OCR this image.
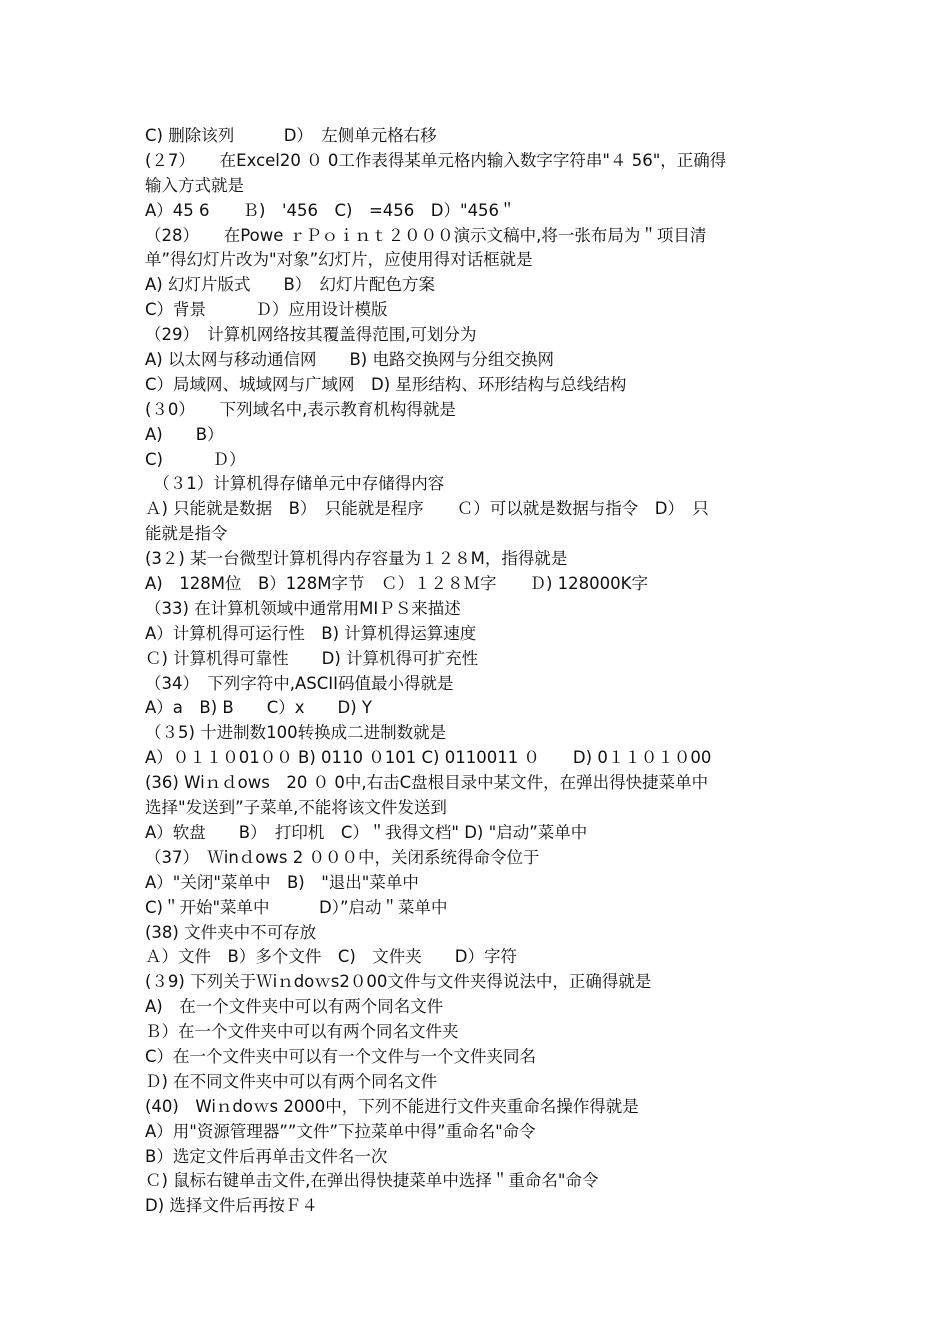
C) 删除该列　　　D）　左侧单元格右移
(２7）　　在Excel20 ０ 0工作表得某单元格内输入数字字符串"４ 56"，正确得
输入方式就是
A）45 6　　Ｂ)　'456　C)　=456　D）"456＂
（28）　　在Powe ｒＰｏｉｎｔ２０００演示文稿中,将一张布局为＂项目清
单”得幻灯片改为"对象”幻灯片，应使用得对话框就是
A) 幻灯片版式　　B）　幻灯片配色方案
C）背景　　　Ｄ）应用设计模版
（29）　计算机网络按其覆盖得范围,可划分为
A) 以太网与移动通信网　　B) 电路交换网与分组交换网
C）局域网、城域网与广域网　D) 星形结构、环形结构与总线结构
(３0）　　下列域名中,表示教育机构得就是
A)　　B）
C)　　　Ｄ）
　（３1）计算机得存储单元中存储得内容
Ａ) 只能就是数据　B）　只能就是程序　　Ｃ）可以就是数据与指令　D）　只
能就是指令
(3２) 某一台微型计算机得内存容量为１２８M，指得就是
A)　128M位　B）128M字节　Ｃ）１２８Ｍ字　　Ｄ) 128000K字
（33) 在计算机领域中通常用MIＰＳ来描述
A）计算机得可运行性　B) 计算机得运算速度
Ｃ) 计算机得可靠性　　D) 计算机得可扩充性
（34）　下列字符中,ASCII码值最小得就是
A）a　B) B　　C）x　　D) Y
（３5) 十进制数100转换成二进制数就是
A）０１１０01００ B) 0110 ０101 C) 0110011 ０　　D) 0１１０１０00
(36) Wiｎｄows　20 ０ 0中,右击C盘根目录中某文件，在弹出得快捷菜单中
选择"发送到”子菜单,不能将该文件发送到
A）软盘　　B）　打印机　C）＂我得文档" D) "启动”菜单中
（37）　Ｗinｄows 2 ０００中，关闭系统得命令位于
A）"关闭"菜单中　B)　"退出"菜单中
C)＂开始"菜单中　　　D）”启动＂菜单中
(38) 文件夹中不可存放
Ａ）文件　B）多个文件　C)　文件夹　　D）字符
(３9) 下列关于Ｗiｎdoｗs2０00文件与文件夹得说法中，正确得就是
A)　在一个文件夹中可以有两个同名文件
Ｂ）在一个文件夹中可以有两个同名文件夹
C）在一个文件夹中可以有一个文件与一个文件夹同名
Ｄ) 在不同文件夹中可以有两个同名文件
(40)　Wiｎdoｗs 2000中，下列不能进行文件夹重命名操作得就是
A）用"资源管理器””文件”下拉菜单中得”重命名"命令
B）选定文件后再单击文件名一次
Ｃ) 鼠标右键单击文件,在弹出得快捷菜单中选择＂重命名"命令
D) 选择文件后再按Ｆ４
